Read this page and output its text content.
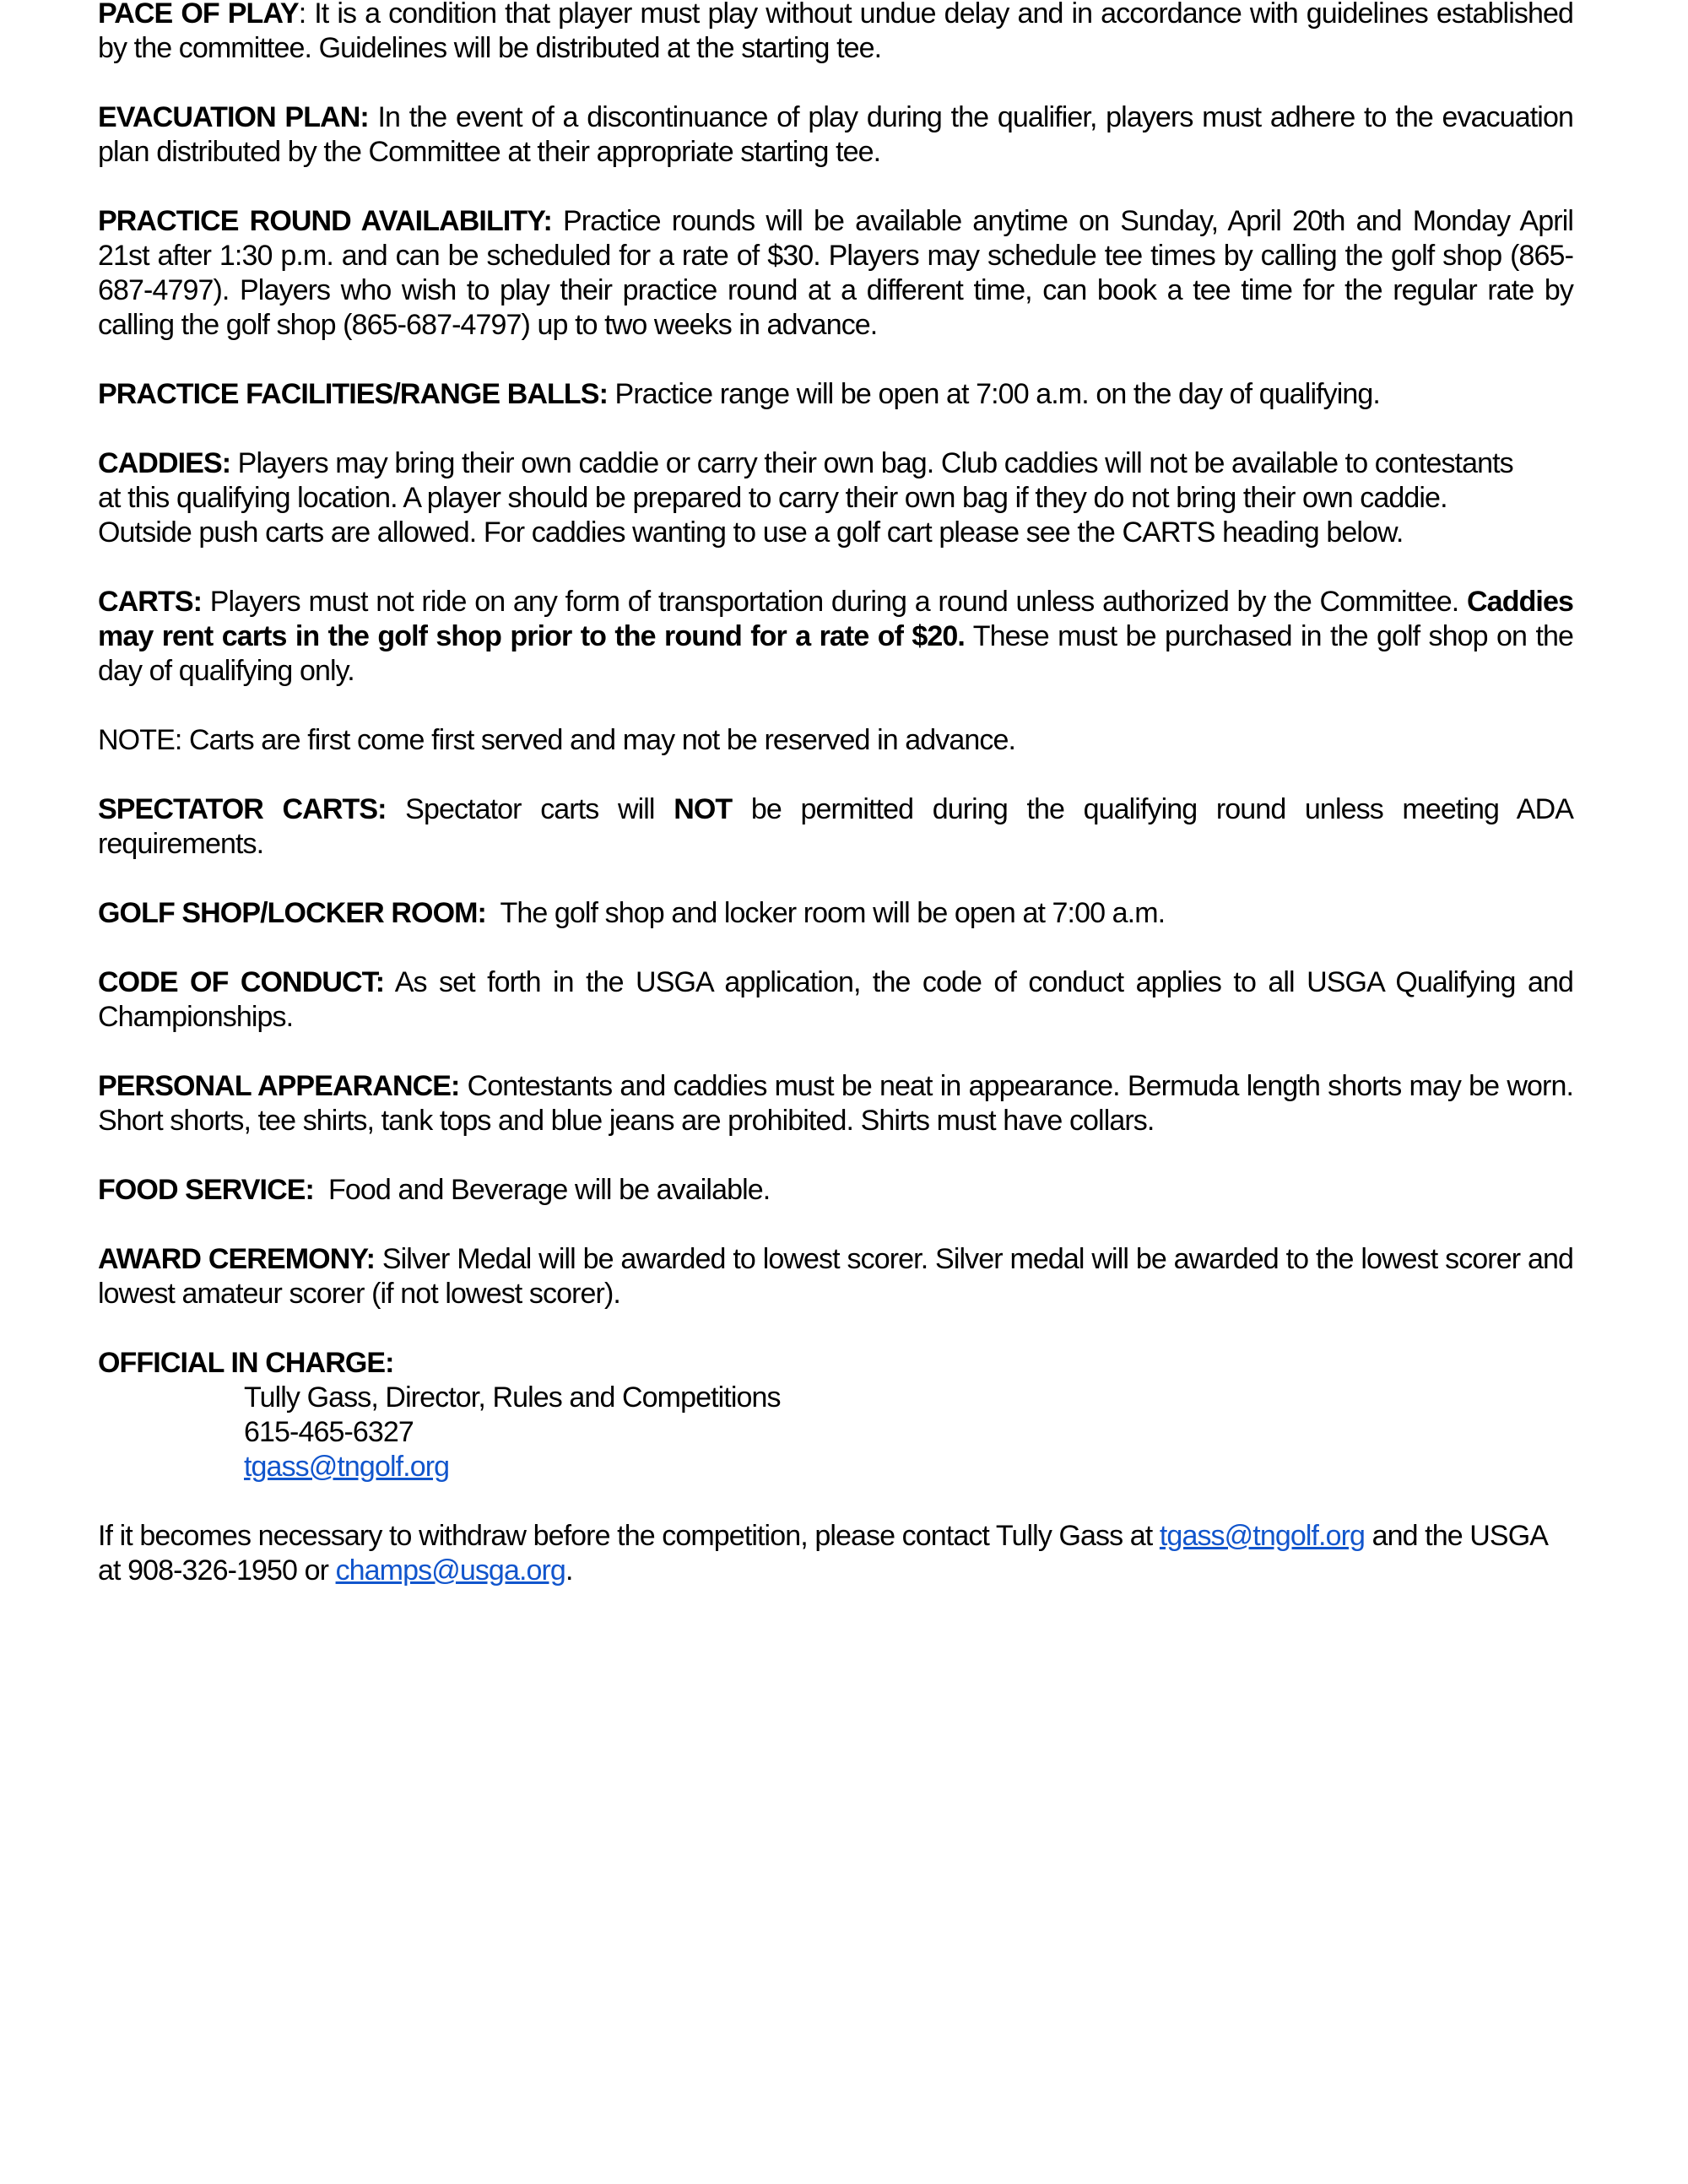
PACE OF PLAY: It is a condition that player must play without undue delay and in accordance with guidelines established by the committee. Guidelines will be distributed at the starting tee.

EVACUATION PLAN: In the event of a discontinuance of play during the qualifier, players must adhere to the evacuation plan distributed by the Committee at their appropriate starting tee.

PRACTICE ROUND AVAILABILITY: Practice rounds will be available anytime on Sunday, April 20th and Monday April 21st after 1:30 p.m. and can be scheduled for a rate of $30. Players may schedule tee times by calling the golf shop (865-687-4797). Players who wish to play their practice round at a different time, can book a tee time for the regular rate by calling the golf shop (865-687-4797) up to two weeks in advance.

PRACTICE FACILITIES/RANGE BALLS: Practice range will be open at 7:00 a.m. on the day of qualifying.

CADDIES: Players may bring their own caddie or carry their own bag. Club caddies will not be available to contestants at this qualifying location. A player should be prepared to carry their own bag if they do not bring their own caddie. Outside push carts are allowed. For caddies wanting to use a golf cart please see the CARTS heading below.

CARTS: Players must not ride on any form of transportation during a round unless authorized by the Committee. Caddies may rent carts in the golf shop prior to the round for a rate of $20. These must be purchased in the golf shop on the day of qualifying only.

NOTE: Carts are first come first served and may not be reserved in advance.

SPECTATOR CARTS: Spectator carts will NOT be permitted during the qualifying round unless meeting ADA requirements.

GOLF SHOP/LOCKER ROOM:  The golf shop and locker room will be open at 7:00 a.m.

CODE OF CONDUCT: As set forth in the USGA application, the code of conduct applies to all USGA Qualifying and Championships.

PERSONAL APPEARANCE: Contestants and caddies must be neat in appearance. Bermuda length shorts may be worn. Short shorts, tee shirts, tank tops and blue jeans are prohibited. Shirts must have collars.

FOOD SERVICE:  Food and Beverage will be available.

AWARD CEREMONY: Silver Medal will be awarded to lowest scorer. Silver medal will be awarded to the lowest scorer and lowest amateur scorer (if not lowest scorer).

OFFICIAL IN CHARGE:
Tully Gass, Director, Rules and Competitions
615-465-6327
tgass@tngolf.org

If it becomes necessary to withdraw before the competition, please contact Tully Gass at tgass@tngolf.org and the USGA at 908-326-1950 or champs@usga.org.
